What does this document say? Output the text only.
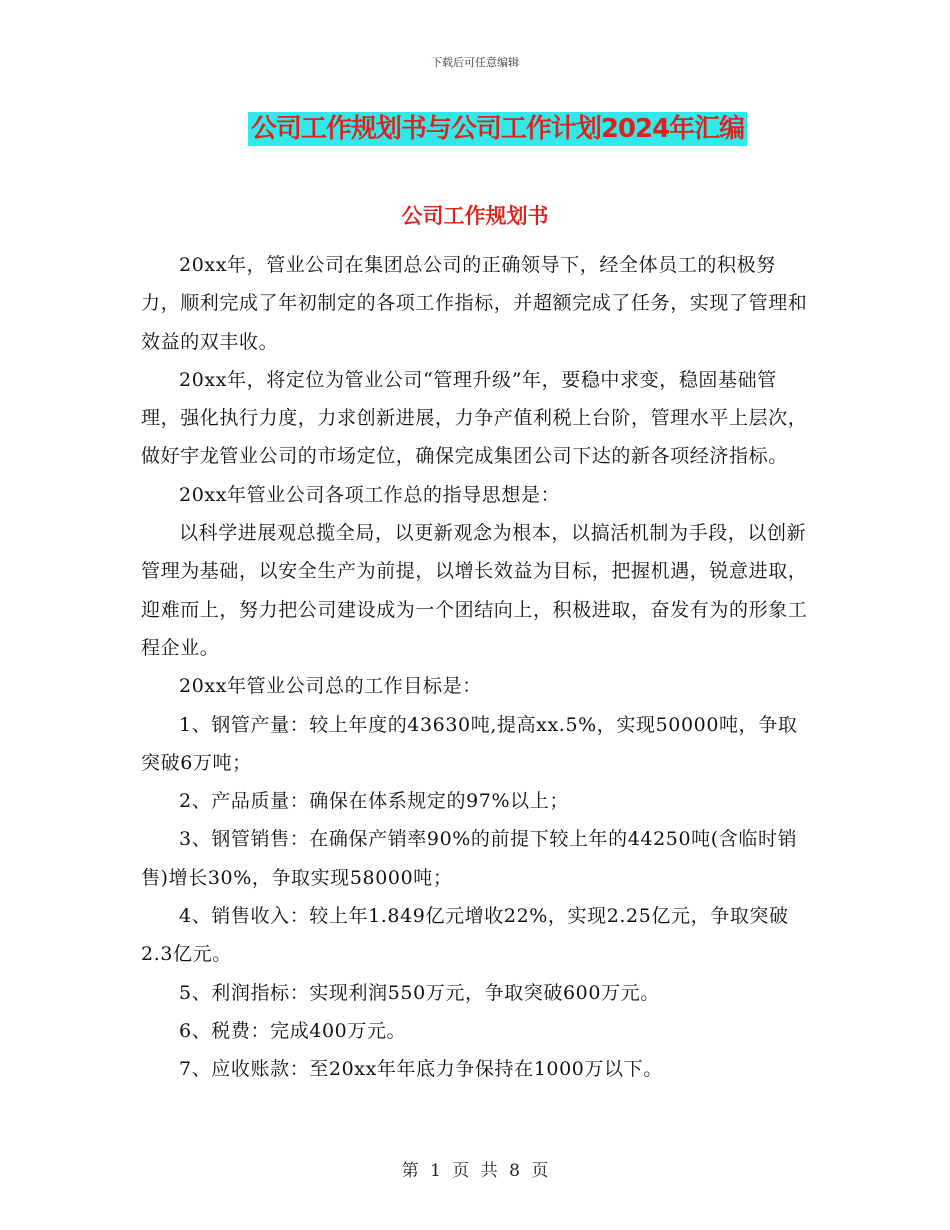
下载后可任意编辑
公司工作规划书与公司工作计划2024年汇编
公司工作规划书

20xx年，管业公司在集团总公司的正确领导下，经全体员工的积极努力，顺利完成了年初制定的各项工作指标，并超额完成了任务，实现了管理和效益的双丰收。

20xx年，将定位为管业公司“管理升级”年，要稳中求变，稳固基础管理，强化执行力度，力求创新进展，力争产值利税上台阶，管理水平上层次，做好宇龙管业公司的市场定位，确保完成集团公司下达的新各项经济指标。

20xx年管业公司各项工作总的指导思想是：

以科学进展观总揽全局，以更新观念为根本，以搞活机制为手段，以创新管理为基础，以安全生产为前提，以增长效益为目标，把握机遇，锐意进取，迎难而上，努力把公司建设成为一个团结向上，积极进取，奋发有为的形象工程企业。

20xx年管业公司总的工作目标是：

1、钢管产量：较上年度的43630吨,提高xx.5%，实现50000吨，争取突破6万吨；

2、产品质量：确保在体系规定的97%以上；

3、钢管销售：在确保产销率90%的前提下较上年的44250吨(含临时销售)增长30%，争取实现58000吨；

4、销售收入：较上年1.849亿元增收22%，实现2.25亿元，争取突破2.3亿元。

5、利润指标：实现利润550万元，争取突破600万元。

6、税费：完成400万元。

7、应收账款：至20xx年年底力争保持在1000万以下。

第 1 页 共 8 页
